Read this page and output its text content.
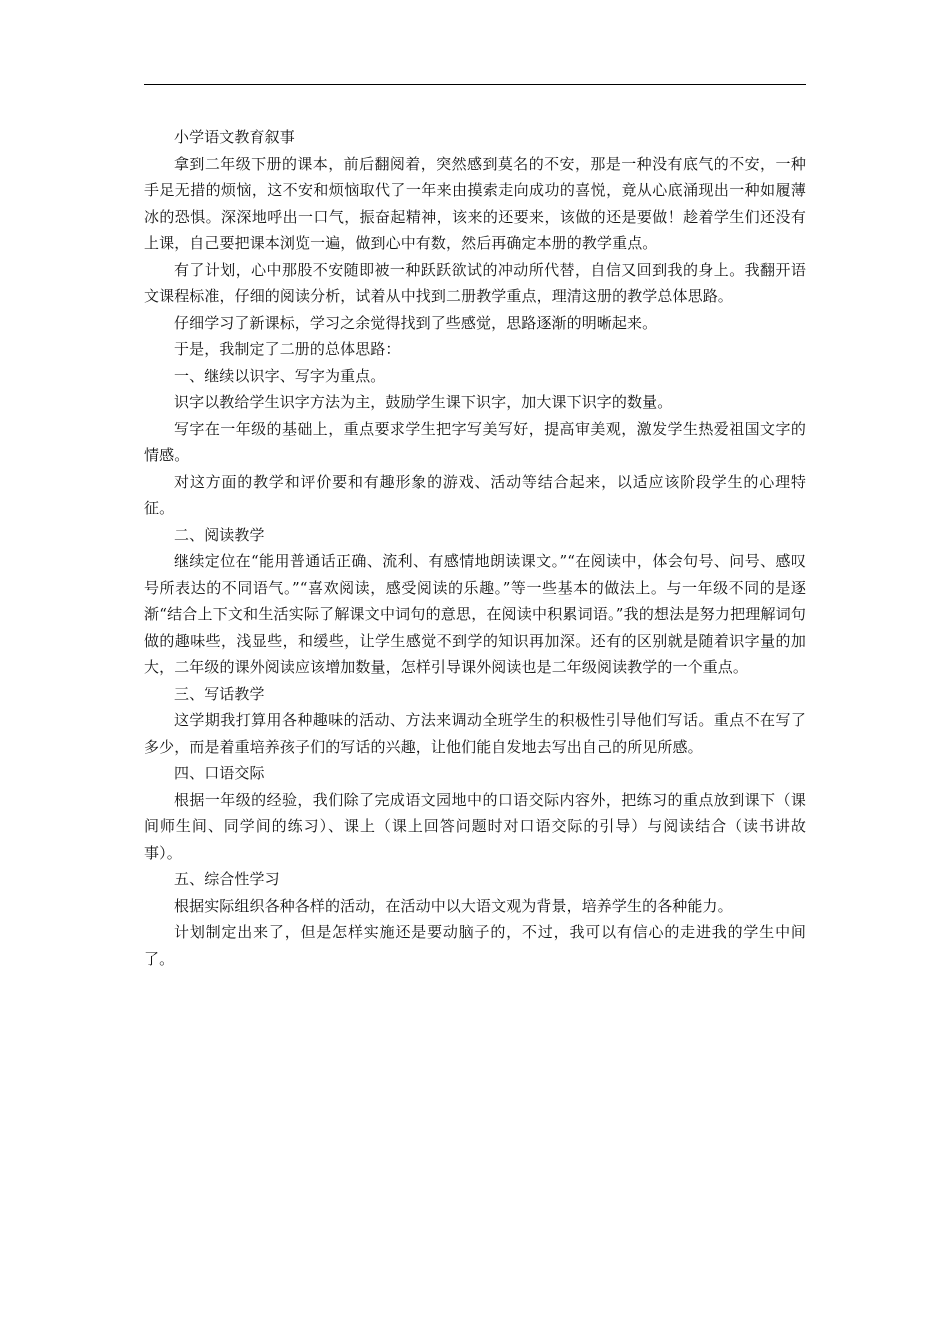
小学语文教育叙事

拿到二年级下册的课本，前后翻阅着，突然感到莫名的不安，那是一种没有底气的不安，一种手足无措的烦恼，这不安和烦恼取代了一年来由摸索走向成功的喜悦，竟从心底涌现出一种如履薄冰的恐惧。深深地呼出一口气，振奋起精神，该来的还要来，该做的还是要做！趁着学生们还没有上课，自己要把课本浏览一遍，做到心中有数，然后再确定本册的教学重点。

有了计划，心中那股不安随即被一种跃跃欲试的冲动所代替，自信又回到我的身上。我翻开语文课程标准，仔细的阅读分析，试着从中找到二册教学重点，理清这册的教学总体思路。

仔细学习了新课标，学习之余觉得找到了些感觉，思路逐渐的明晰起来。

于是，我制定了二册的总体思路：

一、继续以识字、写字为重点。

识字以教给学生识字方法为主，鼓励学生课下识字，加大课下识字的数量。

写字在一年级的基础上，重点要求学生把字写美写好，提高审美观，激发学生热爱祖国文字的情感。

对这方面的教学和评价要和有趣形象的游戏、活动等结合起来，以适应该阶段学生的心理特征。

二、阅读教学

继续定位在“能用普通话正确、流利、有感情地朗读课文。”“在阅读中，体会句号、问号、感叹号所表达的不同语气。”“喜欢阅读，感受阅读的乐趣。”等一些基本的做法上。与一年级不同的是逐渐“结合上下文和生活实际了解课文中词句的意思，在阅读中积累词语。”我的想法是努力把理解词句做的趣味些，浅显些，和缓些，让学生感觉不到学的知识再加深。还有的区别就是随着识字量的加大，二年级的课外阅读应该增加数量，怎样引导课外阅读也是二年级阅读教学的一个重点。

三、写话教学

这学期我打算用各种趣味的活动、方法来调动全班学生的积极性引导他们写话。重点不在写了多少，而是着重培养孩子们的写话的兴趣，让他们能自发地去写出自己的所见所感。

四、口语交际

根据一年级的经验，我们除了完成语文园地中的口语交际内容外，把练习的重点放到课下（课间师生间、同学间的练习）、课上（课上回答问题时对口语交际的引导）与阅读结合（读书讲故事）。

五、综合性学习

根据实际组织各种各样的活动，在活动中以大语文观为背景，培养学生的各种能力。

计划制定出来了，但是怎样实施还是要动脑子的，不过，我可以有信心的走进我的学生中间了。
